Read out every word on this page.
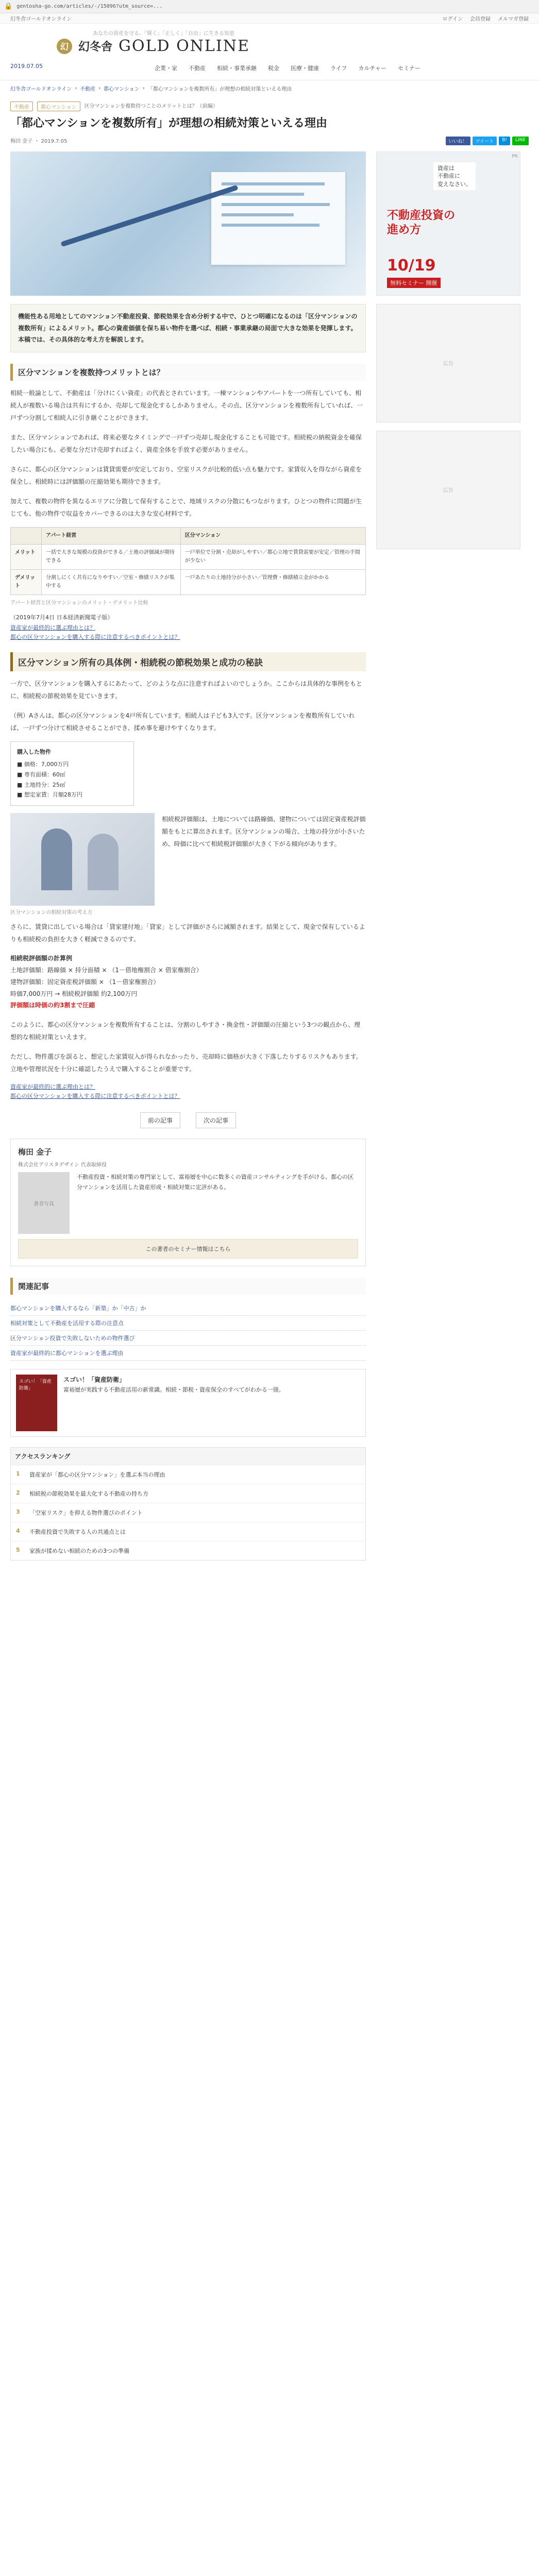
🔒 gentosha-go.com/articles/-/15096?utm_source=...
幻冬舎ゴールドオンライン	ログイン 会員登録 メルマガ登録
あなたの資産を守る、「賢く」「正しく」「自由」に生きる知恵
幻 幻冬舎 GOLD ONLINE
2019.07.05	企業・家 不動産 相続・事業承継 税金 医療・健康 ライフ カルチャー セミナー
幻冬舎ゴールドオンライン › 不動産 › 都心マンション › 「都心マンションを複数所有」が理想の相続対策といえる理由
不動産	都心マンション	区分マンションを複数持つことのメリットとは？（前編）
「都心マンションを複数所有」が理想の相続対策といえる理由
梅田 金子 ・ 2019.7.05	いいね！	ツイート	B!	LINE
PR
資産は
不動産に
変えなさい。
不動産投資の
進め方
10/19
無料セミナー 開催
機能性ある用地としてのマンション不動産投資、節税効果を含め分析する中で、ひとつ明確になるのは「区分マンションの複数所有」によるメリット。都心の資産価値を保ち易い物件を選べば、相続・事業承継の局面で大きな効果を発揮します。本稿では、その具体的な考え方を解説します。
区分マンションを複数持つメリットとは？

相続一般論として、不動産は「分けにくい資産」の代表とされています。一棟マンションやアパートを一つ所有していても、相続人が複数いる場合は共有にするか、売却して現金化するしかありません。その点、区分マンションを複数所有していれば、一戸ずつ分割して相続人に引き継ぐことができます。

また、区分マンションであれば、将来必要なタイミングで一戸ずつ売却し現金化することも可能です。相続税の納税資金を確保したい場合にも、必要な分だけ売却すればよく、資産全体を手放す必要がありません。

さらに、都心の区分マンションは賃貸需要が安定しており、空室リスクが比較的低い点も魅力です。家賃収入を得ながら資産を保全し、相続時には評価額の圧縮効果も期待できます。

加えて、複数の物件を異なるエリアに分散して保有することで、地域リスクの分散にもつながります。ひとつの物件に問題が生じても、他の物件で収益をカバーできるのは大きな安心材料です。

	アパート経営	区分マンション
メリット	一括で大きな規模の投資ができる／土地の評価減が期待できる	一戸単位で分割・売却がしやすい／都心立地で賃貸需要が安定／管理の手間が少ない
デメリット	分割しにくく共有になりやすい／空室・修繕リスクが集中する	一戸あたりの土地持分が小さい／管理費・修繕積立金がかかる
アパート経営と区分マンションのメリット・デメリット比較
（2019年7月4日 日本経済新聞電子版）
資産家が最終的に選ぶ理由とは？
都心の区分マンションを購入する際に注意するべきポイントとは？
区分マンション所有の具体例・相続税の節税効果と成功の秘訣

一方で、区分マンションを購入するにあたって、どのような点に注意すればよいのでしょうか。ここからは具体的な事例をもとに、相続税の節税効果を見ていきます。

（例）Aさんは、都心の区分マンションを4戸所有しています。相続人は子ども3人です。区分マンションを複数所有していれば、一戸ずつ分けて相続させることができ、揉め事を避けやすくなります。

購入した物件
■ 価格：7,000万円
■ 専有面積：60㎡
■ 土地持分：25㎡
■ 想定家賃：月額28万円
区分マンションの相続対策の考え方

相続税評価額は、土地については路線価、建物については固定資産税評価額をもとに算出されます。区分マンションの場合、土地の持分が小さいため、時価に比べて相続税評価額が大きく下がる傾向があります。

さらに、賃貸に出している場合は「貸家建付地」「貸家」として評価がさらに減額されます。結果として、現金で保有しているよりも相続税の負担を大きく軽減できるのです。

相続税評価額の計算例
土地評価額：路線価 × 持分面積 × （1－借地権割合 × 借家権割合）
建物評価額：固定資産税評価額 × （1－借家権割合）
時価7,000万円 → 相続税評価額 約2,100万円
評価額は時価の約3割まで圧縮

このように、都心の区分マンションを複数所有することは、分割のしやすさ・換金性・評価額の圧縮という3つの観点から、理想的な相続対策といえます。

ただし、物件選びを誤ると、想定した家賃収入が得られなかったり、売却時に価格が大きく下落したりするリスクもあります。立地や管理状況を十分に確認したうえで購入することが重要です。

資産家が最終的に選ぶ理由とは？
都心の区分マンションを購入する際に注意するべきポイントとは？
前の記事	次の記事
梅田 金子
株式会社アリスタデザイン 代表取締役
著者写真
不動産投資・相続対策の専門家として、富裕層を中心に数多くの資産コンサルティングを手がける。都心の区分マンションを活用した資産形成・相続対策に定評がある。
この著者のセミナー情報はこちら
関連記事
都心マンションを購入するなら「新築」か「中古」か
相続対策として不動産を活用する際の注意点
区分マンション投資で失敗しないための物件選び
資産家が最終的に都心マンションを選ぶ理由
スゴい！「資産防衛」
スゴい！「資産防衛」
富裕層が実践する不動産活用の新常識。相続・節税・資産保全のすべてがわかる一冊。
アクセスランキング
1	資産家が「都心の区分マンション」を選ぶ本当の理由
2	相続税の節税効果を最大化する不動産の持ち方
3	「空室リスク」を抑える物件選びのポイント
4	不動産投資で失敗する人の共通点とは
5	家族が揉めない相続のための3つの準備
広告
広告
